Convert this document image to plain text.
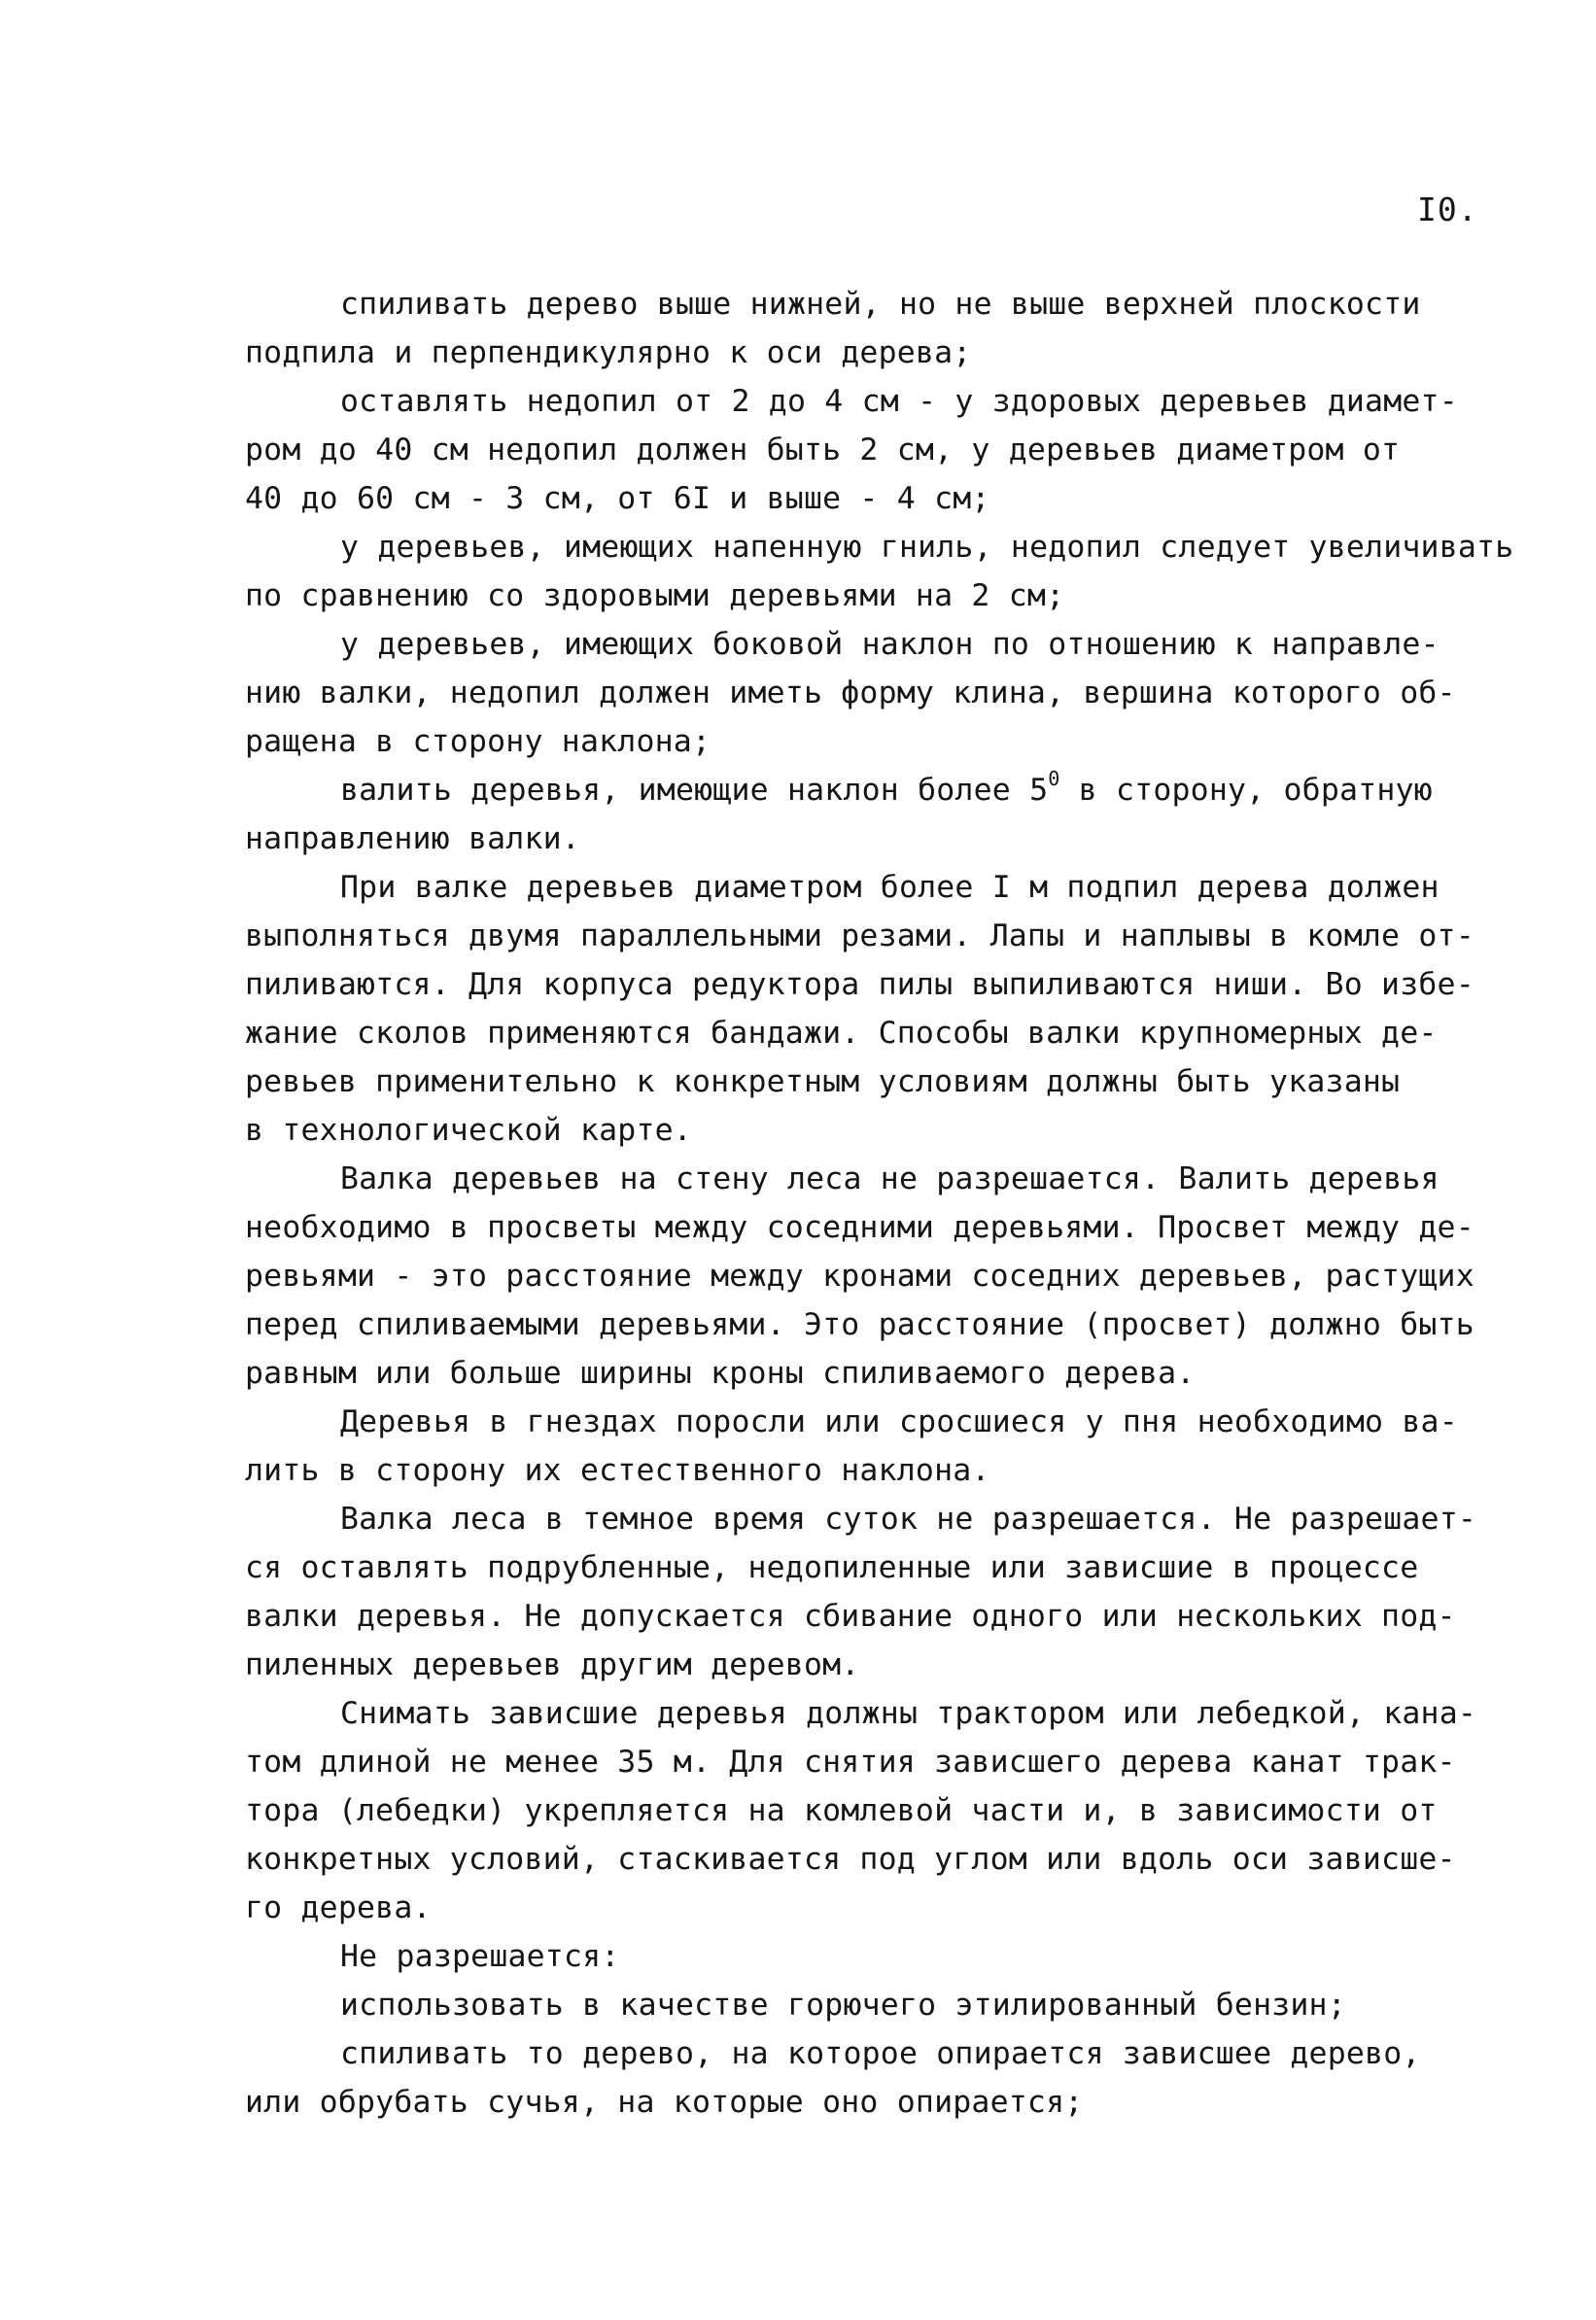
I0.
спиливать дерево выше нижней, но не выше верхней плоскости
подпила и перпендикулярно к оси дерева;
оставлять недопил от 2 до 4 см - у здоровых деревьев диамет-
ром до 40 см недопил должен быть 2 см, у деревьев диаметром от
40 до 60 см - 3 см, от 6I и выше - 4 см;
у деревьев, имеющих напенную гниль, недопил следует увеличивать
по сравнению со здоровыми деревьями на 2 см;
у деревьев, имеющих боковой наклон по отношению к направле-
нию валки, недопил должен иметь форму клина, вершина которого об-
ращена в сторону наклона;
валить деревья, имеющие наклон более $5^0$ в сторону, обратную
направлению валки.
При валке деревьев диаметром более I м подпил дерева должен
выполняться двумя параллельными резами. Лапы и наплывы в комле от-
пиливаются. Для корпуса редуктора пилы выпиливаются ниши. Во избе-
жание сколов применяются бандажи. Способы валки крупномерных де-
ревьев применительно к конкретным условиям должны быть указаны
в технологической карте.
Валка деревьев на стену леса не разрешается. Валить деревья
необходимо в просветы между соседними деревьями. Просвет между де-
ревьями - это расстояние между кронами соседних деревьев, растущих
перед спиливаемыми деревьями. Это расстояние (просвет) должно быть
равным или больше ширины кроны спиливаемого дерева.
Деревья в гнездах поросли или сросшиеся у пня необходимо ва-
лить в сторону их естественного наклона.
Валка леса в темное время суток не разрешается. Не разрешает-
ся оставлять подрубленные, недопиленные или зависшие в процессе
валки деревья. Не допускается сбивание одного или нескольких под-
пиленных деревьев другим деревом.
Снимать зависшие деревья должны трактором или лебедкой, кана-
том длиной не менее 35 м. Для снятия зависшего дерева канат трак-
тора (лебедки) укрепляется на комлевой части и, в зависимости от
конкретных условий, стаскивается под углом или вдоль оси зависше-
го дерева.
Не разрешается:
использовать в качестве горючего этилированный бензин;
спиливать то дерево, на которое опирается зависшее дерево,
или обрубать сучья, на которые оно опирается;
